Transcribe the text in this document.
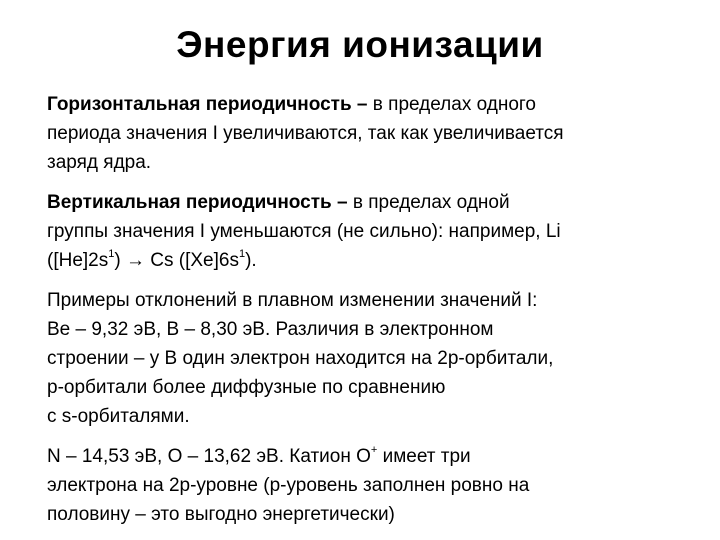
Энергия ионизации
Горизонтальная периодичность – в пределах одного
периода значения I увеличиваются, так как увеличивается
заряд ядра.
Вертикальная периодичность – в пределах одной
группы значения I уменьшаются (не сильно): например, Li
$([He]2s^1) \to Cs$ $([Xe]6s^1)$.
Примеры отклонений в плавном изменении значений I:
Be – 9,32 эВ, B – 8,30 эВ. Различия в электронном
строении – у B один электрон находится на 2p-орбитали,
p-орбитали более диффузные по сравнению
с s-орбиталями.
N – 14,53 эВ, O – 13,62 эВ. Катион O+ имеет три
электрона на 2p-уровне (p-уровень заполнен ровно на
половину – это выгодно энергетически)
